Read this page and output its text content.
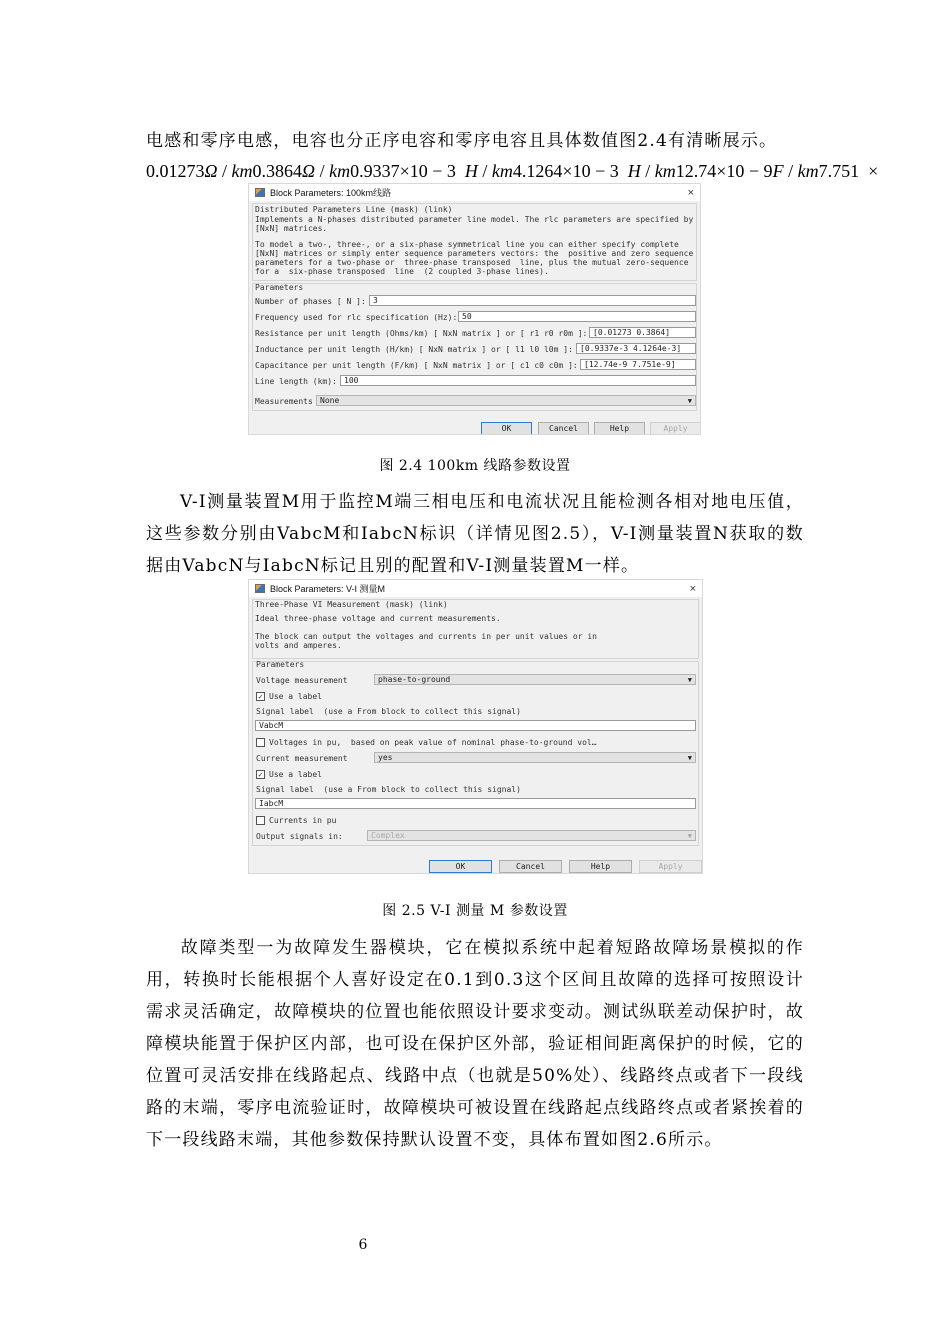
电感和零序电感，电容也分正序电容和零序电容且具体数值图2.4有清晰展示。
0.01273Ω / km0.3864Ω / km0.9337×10 − 3 H / km4.1264×10 − 3 H / km12.74×10 − 9F / km7.751 ×
Block Parameters: 100km线路	×
Distributed Parameters Line (mask) (link)
Implements a N-phases distributed parameter line model. The rlc parameters are specified by
[NxN] matrices.
To model a two-, three-, or a six-phase symmetrical line you can either specify complete
[NxN] matrices or simply enter sequence parameters vectors: the  positive and zero sequence
parameters for a two-phase or  three-phase transposed  line, plus the mutual zero-sequence
for a  six-phase transposed  line  (2 coupled 3-phase lines).
Parameters
Number of phases [ N ]: 3
Frequency used for rlc specification (Hz): 50
Resistance per unit length (Ohms/km) [ NxN matrix ] or [ r1 r0 r0m ]: [0.01273 0.3864]
Inductance per unit length (H/km) [ NxN matrix ] or [ l1 l0 l0m ]: [0.9337e-3 4.1264e-3]
Capacitance per unit length (F/km) [ NxN matrix ] or [ c1 c0 c0m ]: [12.74e-9 7.751e-9]
Line length (km): 100
Measurements None	▼
OK	Cancel	Help	Apply
图 2.4 100km 线路参数设置
V-I测量装置M用于监控M端三相电压和电流状况且能检测各相对地电压值，这些参数分别由VabcM和IabcN标识（详情见图2.5），V-I测量装置N获取的数据由VabcN与IabcN标记且别的配置和V-I测量装置M一样。
Block Parameters: V-I 测量M	×
Three-Phase VI Measurement (mask) (link)
Ideal three-phase voltage and current measurements.
The block can output the voltages and currents in per unit values or in
volts and amperes.
Parameters
Voltage measurement	phase-to-ground	▼
✓ Use a label
Signal label  (use a From block to collect this signal)
VabcM
Voltages in pu,  based on peak value of nominal phase-to-ground vol…
Current measurement	yes	▼
✓ Use a label
Signal label  (use a From block to collect this signal)
IabcM
Currents in pu
Output signals in:	Complex	▼
OK	Cancel	Help	Apply
图 2.5 V-I 测量 M 参数设置
故障类型一为故障发生器模块，它在模拟系统中起着短路故障场景模拟的作用，转换时长能根据个人喜好设定在0.1到0.3这个区间且故障的选择可按照设计需求灵活确定，故障模块的位置也能依照设计要求变动。测试纵联差动保护时，故障模块能置于保护区内部，也可设在保护区外部，验证相间距离保护的时候，它的位置可灵活安排在线路起点、线路中点（也就是50%处）、线路终点或者下一段线路的末端，零序电流验证时，故障模块可被设置在线路起点线路终点或者紧挨着的下一段线路末端，其他参数保持默认设置不变，具体布置如图2.6所示。
6
